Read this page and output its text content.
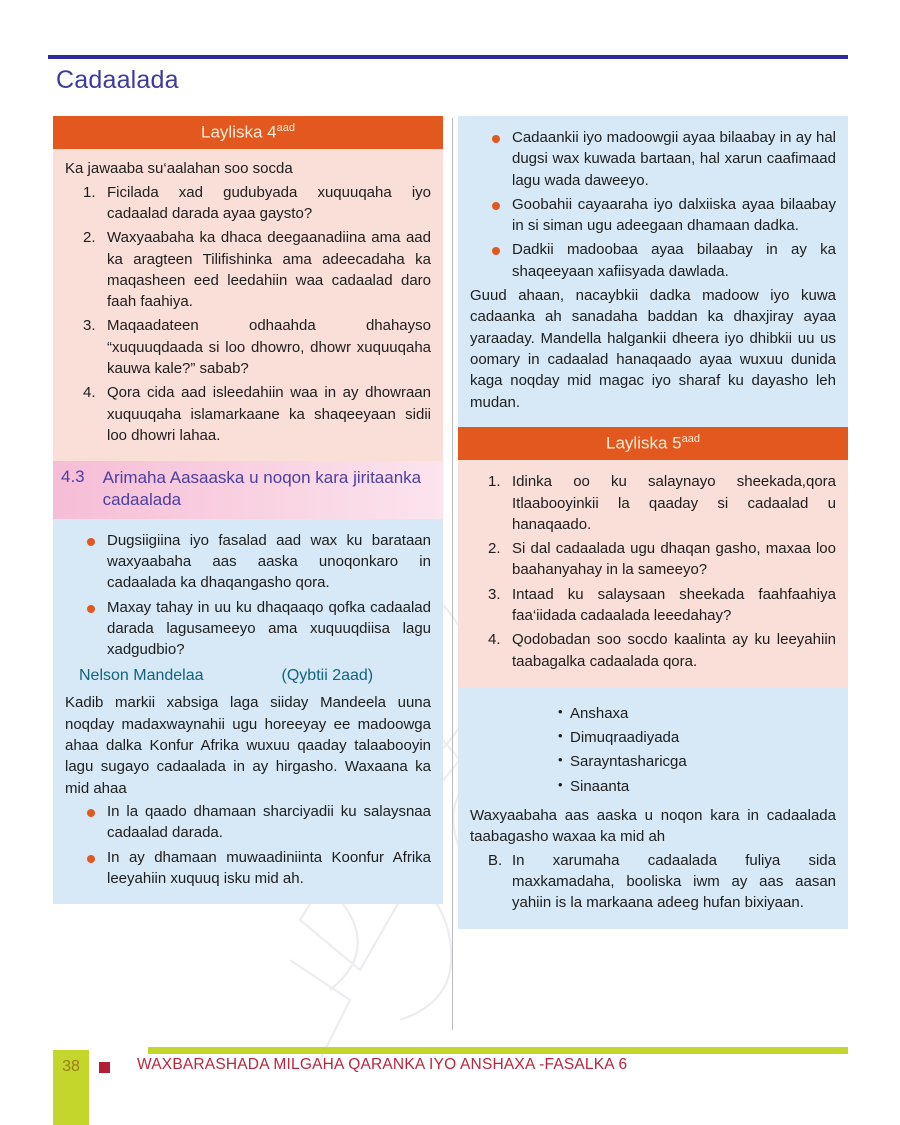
Cadaalada
Layliska $4^{aad}$

Ka jawaaba su‘aalahan soo socda

Ficilada xad gudubyada xuquuqaha iyo cadaalad darada ayaa gaysto?
Waxyaabaha ka dhaca deegaanadiina ama aad ka aragteen Tilifishinka ama adeecadaha ka maqasheen eed leedahiin waa cadaalad daro faah faahiya.
Maqaadateen odhaahda dhahayso “xuquuqdaada si loo dhowro, dhowr xuquuqaha kauwa kale?” sabab?
Qora cida aad isleedahiin waa in ay dhowraan xuquuqaha islamarkaane ka shaqeeyaan sidii loo dhowri lahaa.
4.3 Arimaha Aasaaska u noqon kara jiritaanka cadaalada
Dugsiigiina iyo fasalad aad wax ku barataan waxyaabaha aas aaska unoqonkaro in cadaalada ka dhaqangasho qora.
Maxay tahay in uu ku dhaqaaqo qofka cadaalad darada lagusameeyo ama xuquuqdiisa lagu xadgudbio?
Nelson Mandelaa	(Qybtii 2aad)

Kadib markii xabsiga laga siiday Mandeela uuna noqday madaxwaynahii ugu horeeyay ee madoowga ahaa dalka Konfur Afrika wuxuu qaaday talaabooyin lagu sugayo cadaalada in ay hirgasho. Waxaana ka mid ahaa

In la qaado dhamaan sharciyadii ku salaysnaa cadaalad darada.
In ay dhamaan muwaadiniinta Koonfur Afrika leeyahiin xuquuq isku mid ah.
Cadaankii iyo madoowgii ayaa bilaabay in ay hal dugsi wax kuwada bartaan, hal xarun caafimaad lagu wada daweeyo.
Goobahii cayaaraha iyo dalxiiska ayaa bilaabay in si siman ugu adeegaan dhamaan dadka.
Dadkii madoobaa ayaa bilaabay in ay ka shaqeeyaan xafiisyada dawlada.

Guud ahaan, nacaybkii dadka madoow iyo kuwa cadaanka ah sanadaha baddan ka dhaxjiray ayaa yaraaday. Mandella halgankii dheera iyo dhibkii uu us oomary in cadaalad hanaqaado ayaa wuxuu dunida kaga noqday mid magac iyo sharaf ku dayasho leh mudan.

Layliska $5^{aad}$
Idinka oo ku salaynayo sheekada,qora Itlaabooyinkii la qaaday si cadaalad u hanaqaado.
Si dal cadaalada ugu dhaqan gasho, maxaa loo baahanyahay in la sameeyo?
Intaad ku salaysaan sheekada faahfaahiya faa‘iidada cadaalada leeedahay?
Qodobadan soo socdo kaalinta ay ku leeyahiin taabagalka cadaalada qora.
• Anshaxa
• Dimuqraadiyada
• Sarayntasharicga
• Sinaanta

Waxyaabaha aas aaska u noqon kara in cadaalada taabagasho waxaa ka mid ah

B. In xarumaha cadaalada fuliya sida maxkamadaha, booliska iwm ay aas aasan yahiin is la markaana adeeg hufan bixiyaan.
38	WAXBARASHADA MILGAHA QARANKA IYO ANSHAXA -FASALKA 6
